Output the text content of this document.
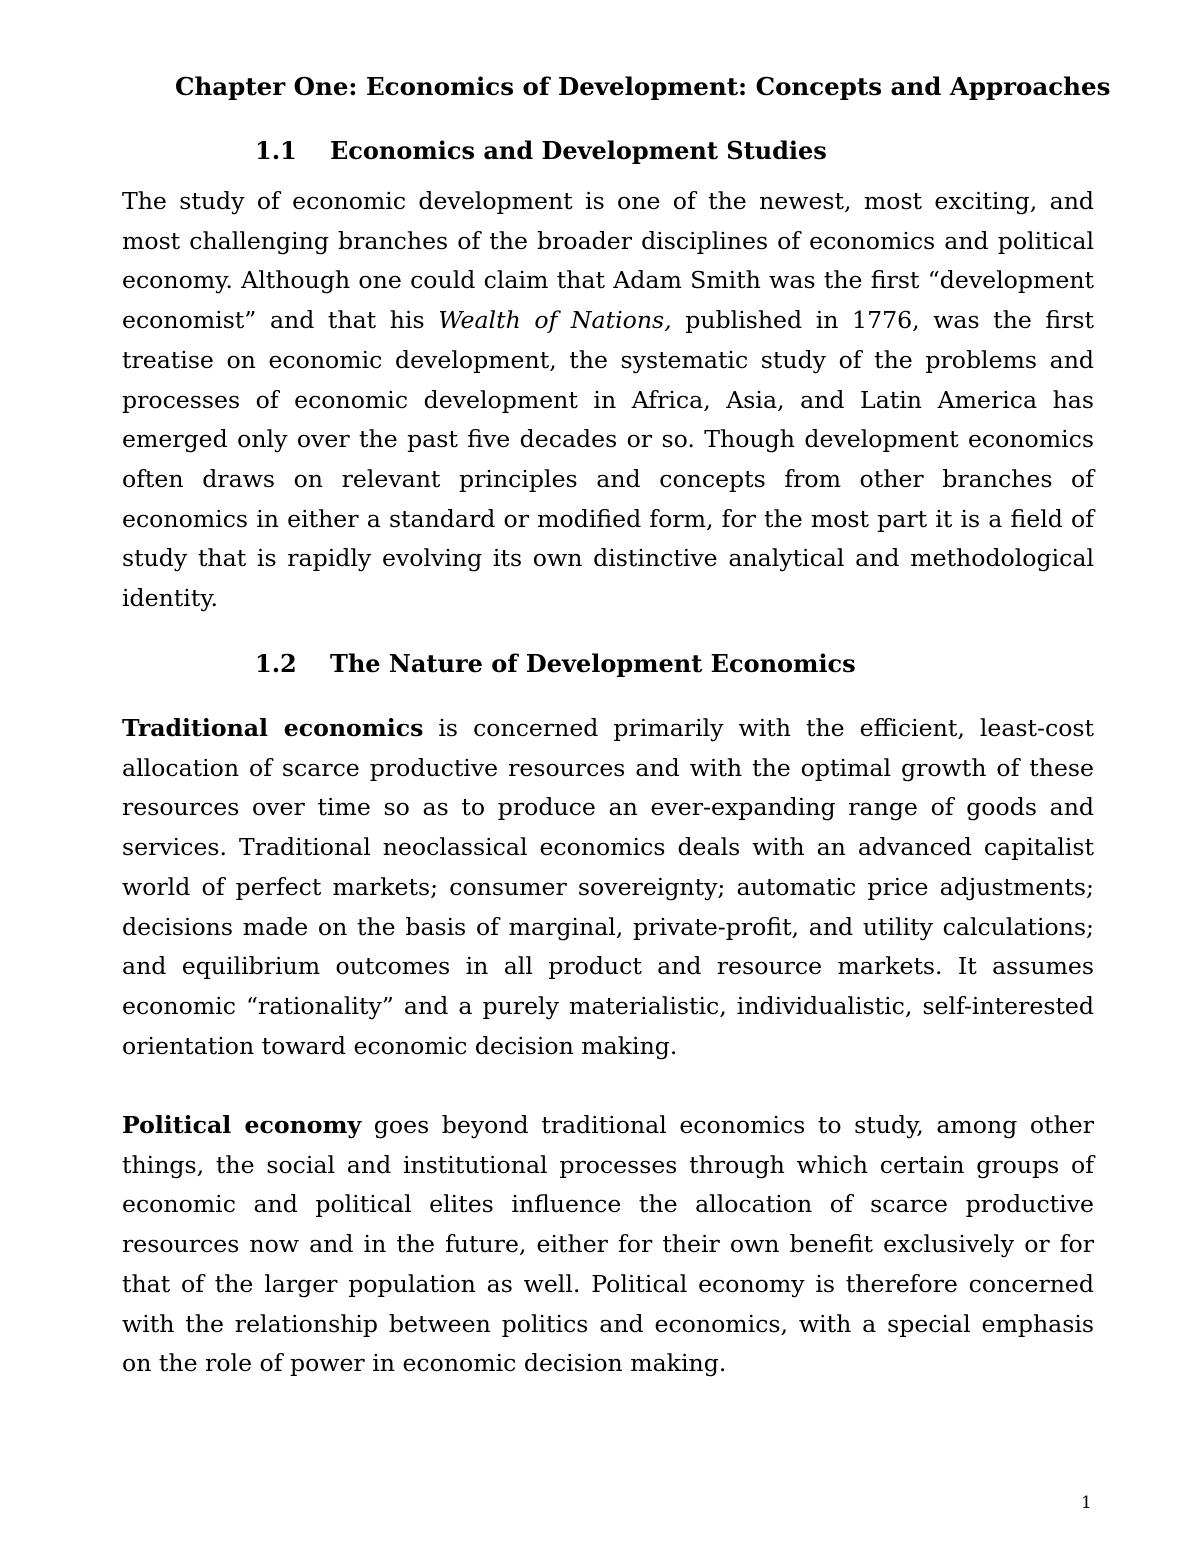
Chapter One: Economics of Development: Concepts and Approaches
1.1 Economics and Development Studies

The study of economic development is one of the newest, most exciting, and most challenging branches of the broader disciplines of economics and political economy. Although one could claim that Adam Smith was the first “development economist” and that his Wealth of Nations, published in 1776, was the first treatise on economic development, the systematic study of the problems and processes of economic development in Africa, Asia, and Latin America has emerged only over the past five decades or so. Though development economics often draws on relevant principles and concepts from other branches of economics in either a standard or modified form, for the most part it is a field of study that is rapidly evolving its own distinctive analytical and methodological identity.

1.2 The Nature of Development Economics

Traditional economics is concerned primarily with the efficient, least-cost allocation of scarce productive resources and with the optimal growth of these resources over time so as to produce an ever-expanding range of goods and services. Traditional neoclassical economics deals with an advanced capitalist world of perfect markets; consumer sovereignty; automatic price adjustments; decisions made on the basis of marginal, private-profit, and utility calculations; and equilibrium outcomes in all product and resource markets. It assumes economic “rationality” and a purely materialistic, individualistic, self-interested orientation toward economic decision making.

Political economy goes beyond traditional economics to study, among other things, the social and institutional processes through which certain groups of economic and political elites influence the allocation of scarce productive resources now and in the future, either for their own benefit exclusively or for that of the larger population as well. Political economy is therefore concerned with the relationship between politics and economics, with a special emphasis on the role of power in economic decision making.

1
